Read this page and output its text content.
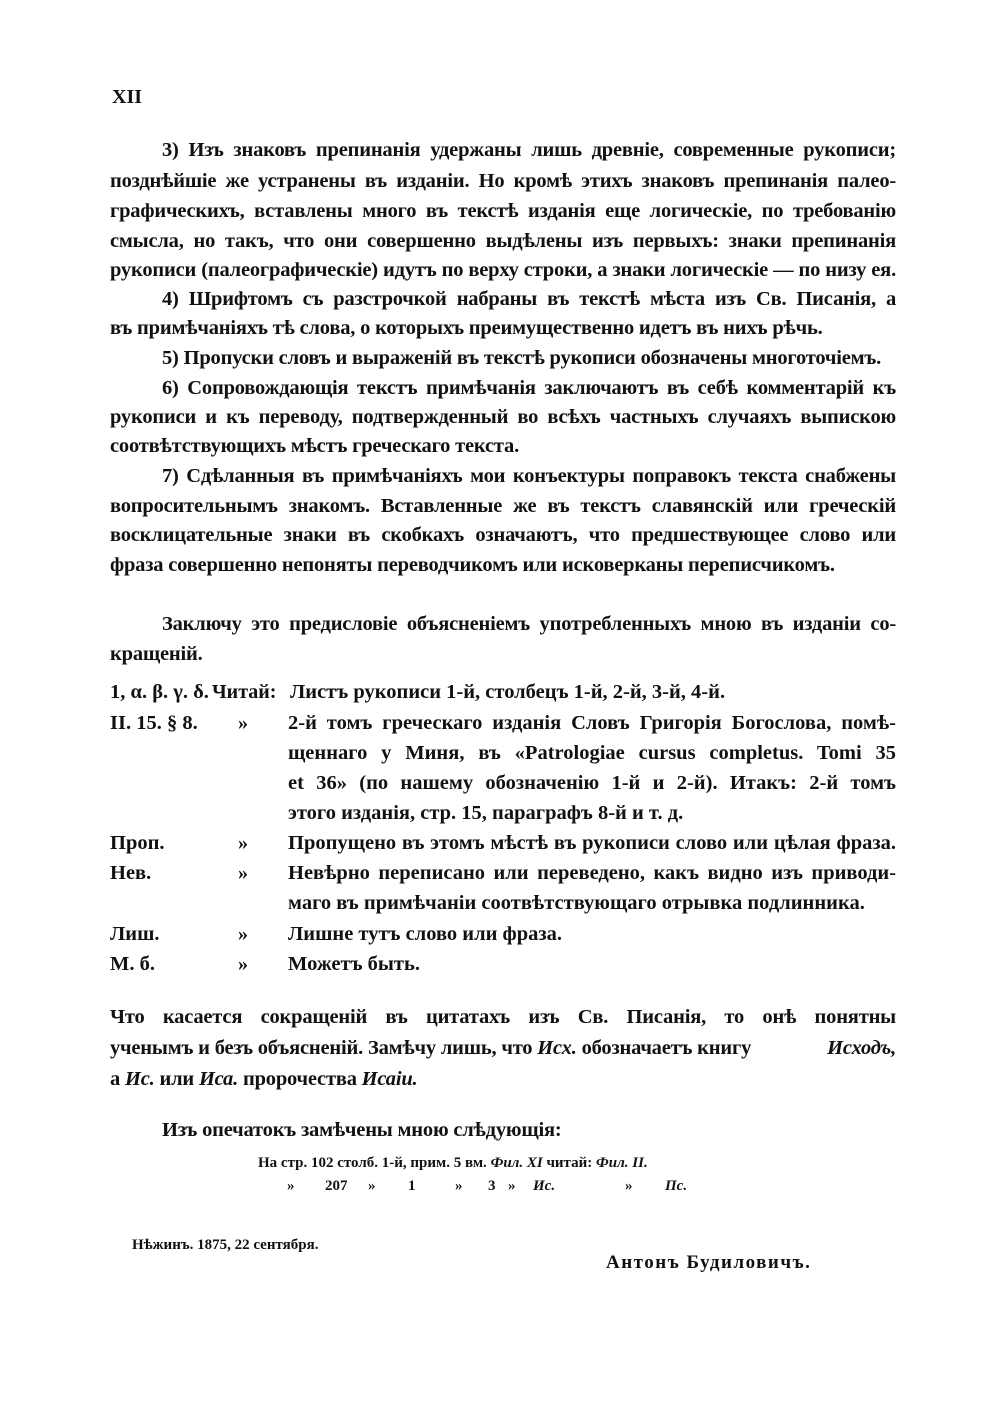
XII
3) Изъ знаковъ препинанія удержаны лишь древніе, современные рукописи;
позднѣйшіе же устранены въ изданіи. Но кромѣ этихъ знаковъ препинанія палео-
графическихъ, вставлены много въ текстѣ изданія еще логическіе, по требованію
смысла, но такъ, что они совершенно выдѣлены изъ первыхъ: знаки препинанія
рукописи (палеографическіе) идутъ по верху строки, а знаки логическіе — по низу ея.
4) Шрифтомъ съ разстрочкой набраны въ текстѣ мѣста изъ Св. Писанія, а
въ примѣчаніяхъ тѣ слова, о которыхъ преимущественно идетъ въ нихъ рѣчь.
5) Пропуски словъ и выраженій въ текстѣ рукописи обозначены многоточіемъ.
6) Сопровождающія текстъ примѣчанія заключаютъ въ себѣ комментарій къ
рукописи и къ переводу, подтвержденный во всѣхъ частныхъ случаяхъ выпискою
соотвѣтствующихъ мѣстъ греческаго текста.
7) Сдѣланныя въ примѣчаніяхъ мои конъектуры поправокъ текста снабжены
вопросительнымъ знакомъ. Вставленные же въ текстъ славянскій или греческій
восклицательные знаки въ скобкахъ означаютъ, что предшествующее слово или
фраза совершенно непоняты переводчикомъ или исковерканы переписчикомъ.
Заключу это предисловіе объясненіемъ употребленныхъ мною въ изданіи со-
кращеній.
1, α. β. γ. δ. Читай: Листъ рукописи 1-й, столбецъ 1-й, 2-й, 3-й, 4-й.
II. 15. § 8. » 2-й томъ греческаго изданія Словъ Григорія Богослова, помѣ-
щеннаго у Миня, въ «Patrologiae cursus completus. Tomi 35
et 36» (по нашему обозначенію 1-й и 2-й). Итакъ: 2-й томъ
этого изданія, стр. 15, параграфъ 8-й и т. д.
Проп.	» Пропущено въ этомъ мѣстѣ въ рукописи слово или цѣлая фраза.
Нев.	» Невѣрно переписано или переведено, какъ видно изъ приводи-
маго въ примѣчаніи соотвѣтствующаго отрывка подлинника.
Лиш.	» Лишне тутъ слово или фраза.
М. б.	» Можетъ быть.
Что касается сокращеній въ цитатахъ изъ Св. Писанія, то онѣ понятны
ученымъ и безъ объясненій. Замѣчу лишь, что Исх. обозначаетъ книгу	Исходъ,
а Ис. или Иса. пророчества Исаіи.
Изъ опечатокъ замѣчены мною слѣдующія:
На стр. 102 столб. 1-й, прим. 5 вм. Фил. XI читай: Фил. II.
» 207 » 1	» 3 » Ис.	» Пс.
Нѣжинъ. 1875, 22 сентября.
Антонъ Будиловичъ.
